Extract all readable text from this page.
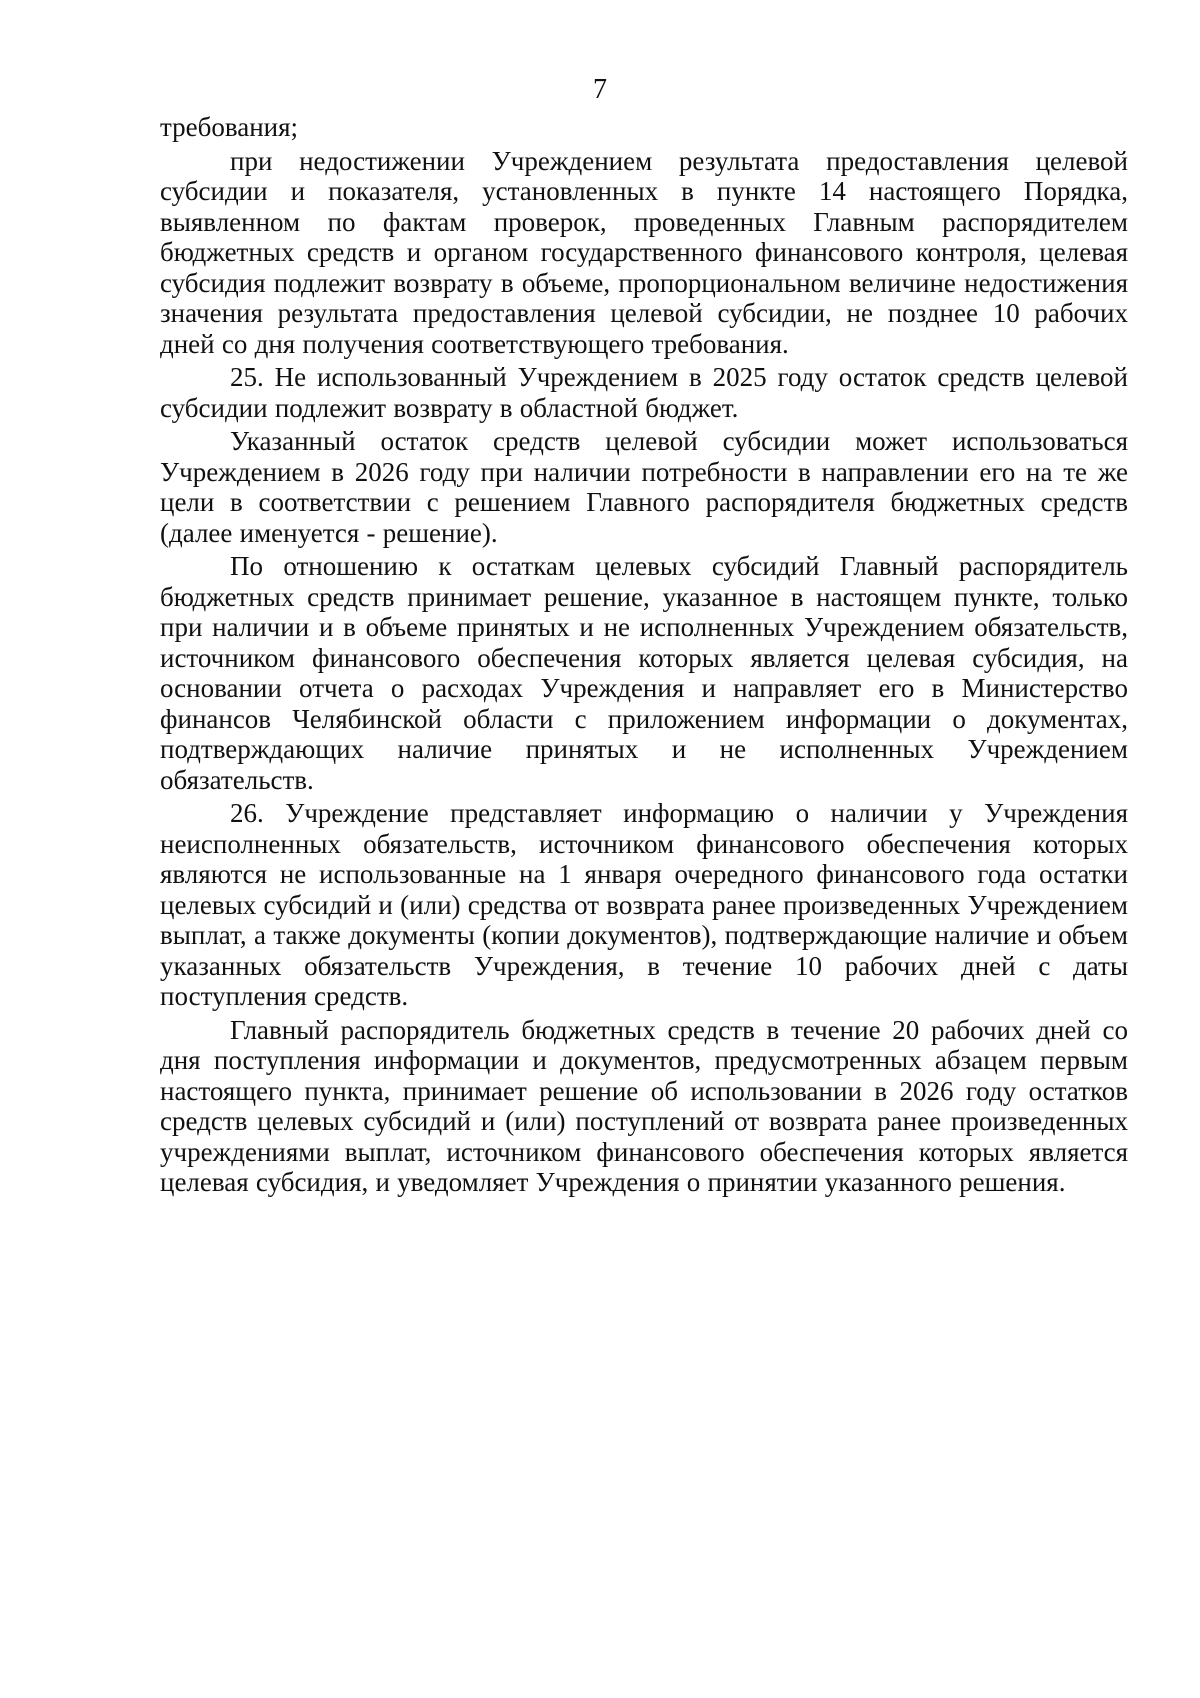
7

требования;

при недостижении Учреждением результата предоставления целевой субсидии и показателя, установленных в пункте 14 настоящего Порядка, выявленном по фактам проверок, проведенных Главным распорядителем бюджетных средств и органом государственного финансового контроля, целевая субсидия подлежит возврату в объеме, пропорциональном величине недостижения значения результата предоставления целевой субсидии, не позднее 10 рабочих дней со дня получения соответствующего требования.

25. Не использованный Учреждением в 2025 году остаток средств целевой субсидии подлежит возврату в областной бюджет.

Указанный остаток средств целевой субсидии может использоваться Учреждением в 2026 году при наличии потребности в направлении его на те же цели в соответствии с решением Главного распорядителя бюджетных средств (далее именуется - решение).

По отношению к остаткам целевых субсидий Главный распорядитель бюджетных средств принимает решение, указанное в настоящем пункте, только при наличии и в объеме принятых и не исполненных Учреждением обязательств, источником финансового обеспечения которых является целевая субсидия, на основании отчета о расходах Учреждения и направляет его в Министерство финансов Челябинской области с приложением информации о документах, подтверждающих наличие принятых и не исполненных Учреждением обязательств.

26. Учреждение представляет информацию о наличии у Учреждения неисполненных обязательств, источником финансового обеспечения которых являются не использованные на 1 января очередного финансового года остатки целевых субсидий и (или) средства от возврата ранее произведенных Учреждением выплат, а также документы (копии документов), подтверждающие наличие и объем указанных обязательств Учреждения, в течение 10 рабочих дней с даты поступления средств.

Главный распорядитель бюджетных средств в течение 20 рабочих дней со дня поступления информации и документов, предусмотренных абзацем первым настоящего пункта, принимает решение об использовании в 2026 году остатков средств целевых субсидий и (или) поступлений от возврата ранее произведенных учреждениями выплат, источником финансового обеспечения которых является целевая субсидия, и уведомляет Учреждения о принятии указанного решения.
